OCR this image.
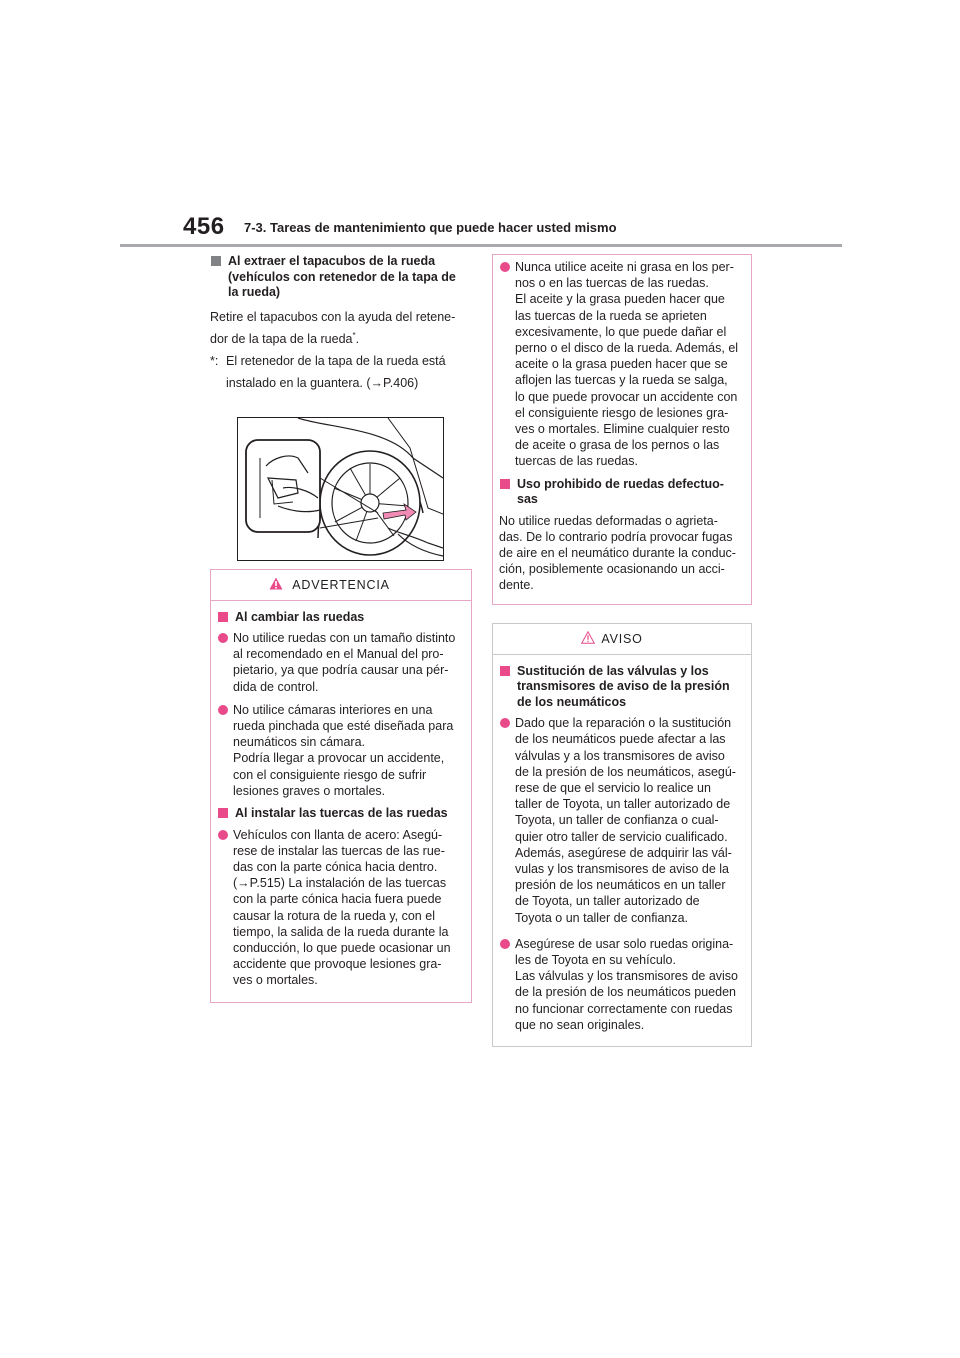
456 7-3. Tareas de mantenimiento que puede hacer usted mismo
Al extraer el tapacubos de la rueda
(vehículos con retenedor de la tapa de
la rueda)

Retire el tapacubos con la ayuda del retene-
dor de la tapa de la rueda*.

*: El retenedor de la tapa de la rueda está
instalado en la guantera. (→P.406)
ADVERTENCIA
Al cambiar las ruedas
No utilice ruedas con un tamaño distinto
al recomendado en el Manual del pro-
pietario, ya que podría causar una pér-
dida de control.
No utilice cámaras interiores en una
rueda pinchada que esté diseñada para
neumáticos sin cámara.
Podría llegar a provocar un accidente,
con el consiguiente riesgo de sufrir
lesiones graves o mortales.
Al instalar las tuercas de las ruedas
Vehículos con llanta de acero: Asegú-
rese de instalar las tuercas de las rue-
das con la parte cónica hacia dentro.
(→P.515) La instalación de las tuercas
con la parte cónica hacia fuera puede
causar la rotura de la rueda y, con el
tiempo, la salida de la rueda durante la
conducción, lo que puede ocasionar un
accidente que provoque lesiones gra-
ves o mortales.
Nunca utilice aceite ni grasa en los per-
nos o en las tuercas de las ruedas.
El aceite y la grasa pueden hacer que
las tuercas de la rueda se aprieten
excesivamente, lo que puede dañar el
perno o el disco de la rueda. Además, el
aceite o la grasa pueden hacer que se
aflojen las tuercas y la rueda se salga,
lo que puede provocar un accidente con
el consiguiente riesgo de lesiones gra-
ves o mortales. Elimine cualquier resto
de aceite o grasa de los pernos o las
tuercas de las ruedas.
Uso prohibido de ruedas defectuo-
sas

No utilice ruedas deformadas o agrieta-
das. De lo contrario podría provocar fugas
de aire en el neumático durante la conduc-
ción, posiblemente ocasionando un acci-
dente.

AVISO
Sustitución de las válvulas y los
transmisores de aviso de la presión
de los neumáticos
Dado que la reparación o la sustitución
de los neumáticos puede afectar a las
válvulas y a los transmisores de aviso
de la presión de los neumáticos, asegú-
rese de que el servicio lo realice un
taller de Toyota, un taller autorizado de
Toyota, un taller de confianza o cual-
quier otro taller de servicio cualificado.
Además, asegúrese de adquirir las vál-
vulas y los transmisores de aviso de la
presión de los neumáticos en un taller
de Toyota, un taller autorizado de
Toyota o un taller de confianza.
Asegúrese de usar solo ruedas origina-
les de Toyota en su vehículo.
Las válvulas y los transmisores de aviso
de la presión de los neumáticos pueden
no funcionar correctamente con ruedas
que no sean originales.
